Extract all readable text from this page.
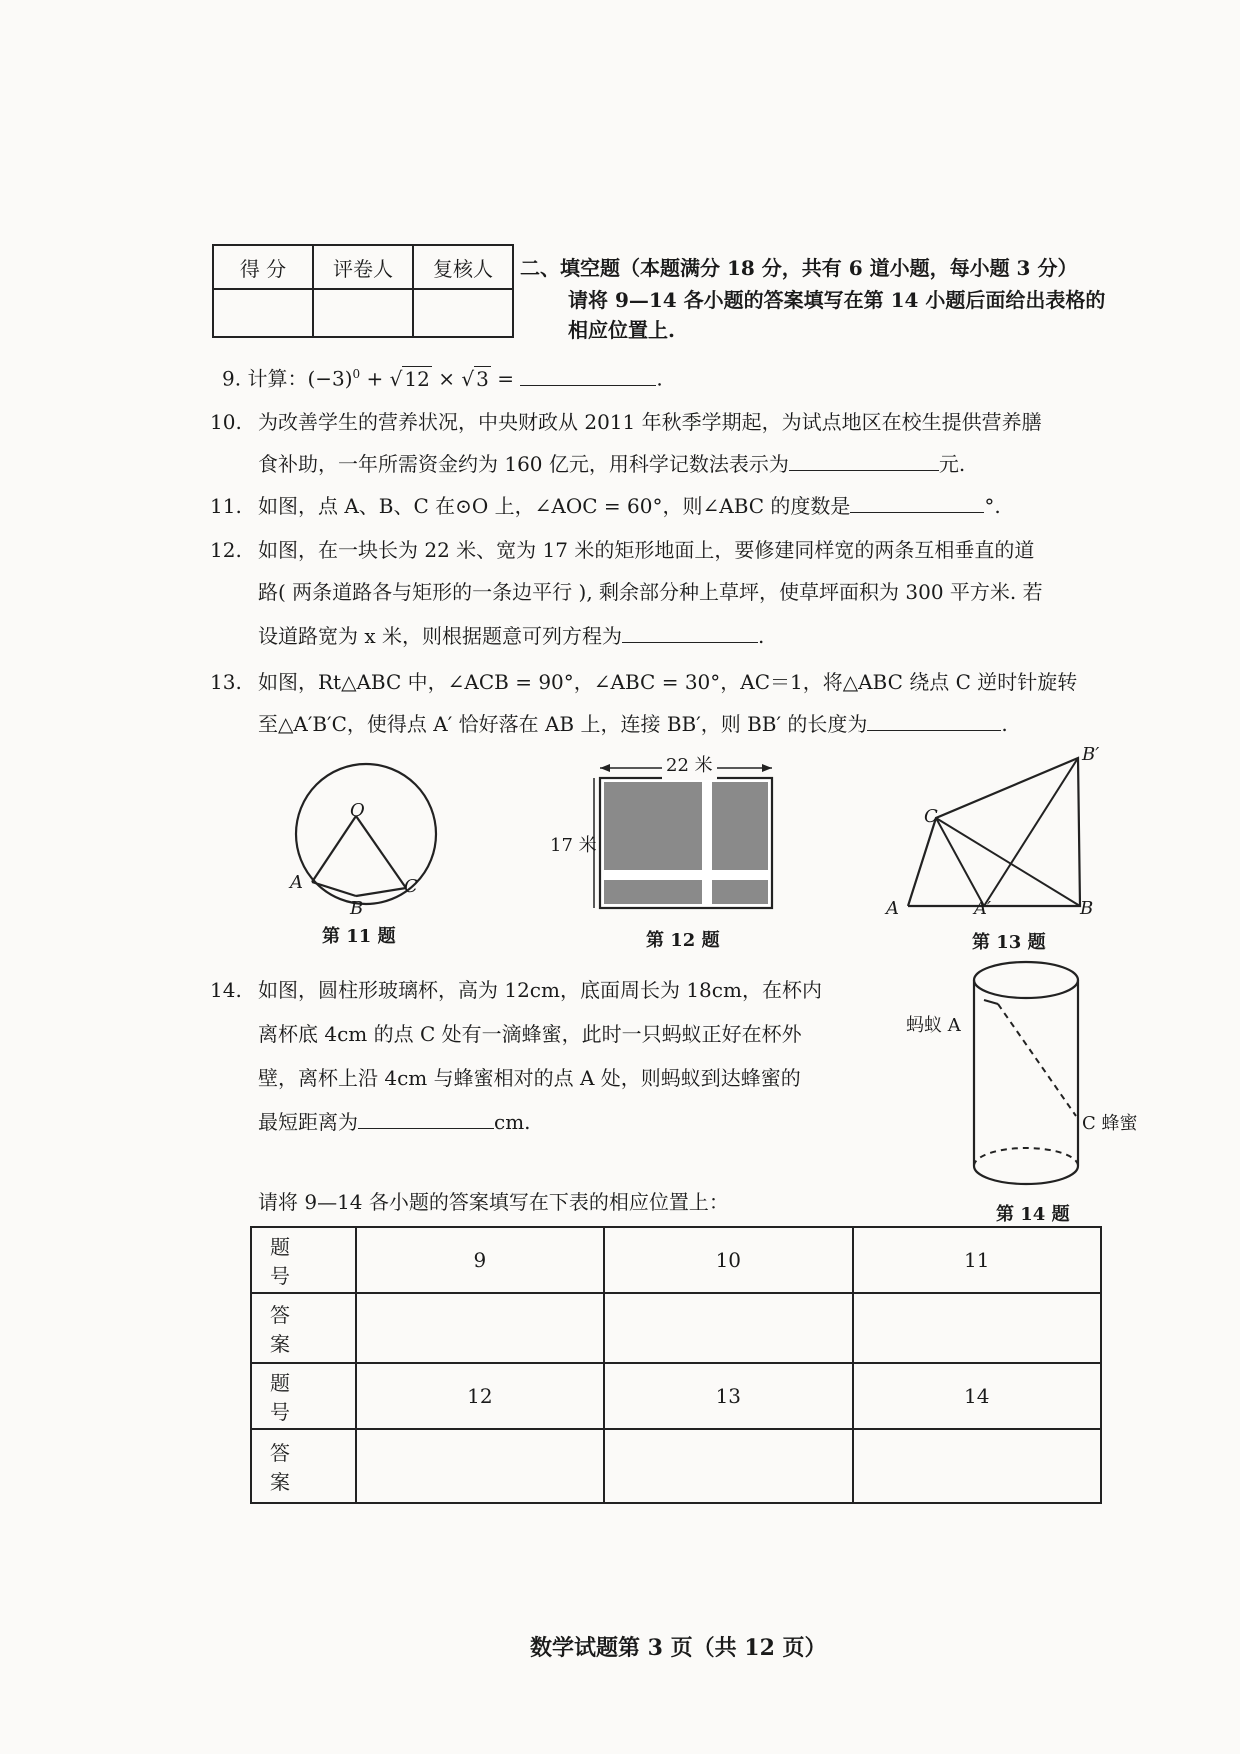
得 分	评卷人	复核人
		二、填空题（本题满分 18 分，共有 6 道小题，每小题 3 分）
请将 9—14 各小题的答案填写在第 14 小题后面给出表格的
相应位置上.
9. 计算：$(-3)^0$ + √ 12 × √ 3 =	.
10. 为改善学生的营养状况，中央财政从 2011 年秋季学期起，为试点地区在校生提供营养膳
食补助，一年所需资金约为 160 亿元，用科学记数法表示为	元.
11. 如图，点 A、B、C 在⊙O 上，∠AOC = 60°，则∠ABC 的度数是	°.
12. 如图，在一块长为 22 米、宽为 17 米的矩形地面上，要修建同样宽的两条互相垂直的道
路( 两条道路各与矩形的一条边平行 ), 剩余部分种上草坪，使草坪面积为 300 平方米. 若
设道路宽为 x 米，则根据题意可列方程为	.
13. 如图，Rt△ABC 中，∠ACB = 90°，∠ABC = 30°，AC＝1，将△ABC 绕点 C 逆时针旋转
至△A′B′C，使得点 A′ 恰好落在 AB 上，连接 BB′，则 BB′ 的长度为	.
O
A
B
C
第 11 题
22 米
17 米
第 12 题
B′
C
A	A′	B
第 13 题
14. 如图，圆柱形玻璃杯，高为 12cm，底面周长为 18cm，在杯内
离杯底 4cm 的点 C 处有一滴蜂蜜，此时一只蚂蚁正好在杯外
壁，离杯上沿 4cm 与蜂蜜相对的点 A 处，则蚂蚁到达蜂蜜的
最短距离为	cm.
蚂蚁 A
C 蜂蜜
第 14 题
请将 9—14 各小题的答案填写在下表的相应位置上：
题 号	9	10	11
答 案			
题 号	12	13	14
答 案			
数学试题第 3 页（共 12 页）
